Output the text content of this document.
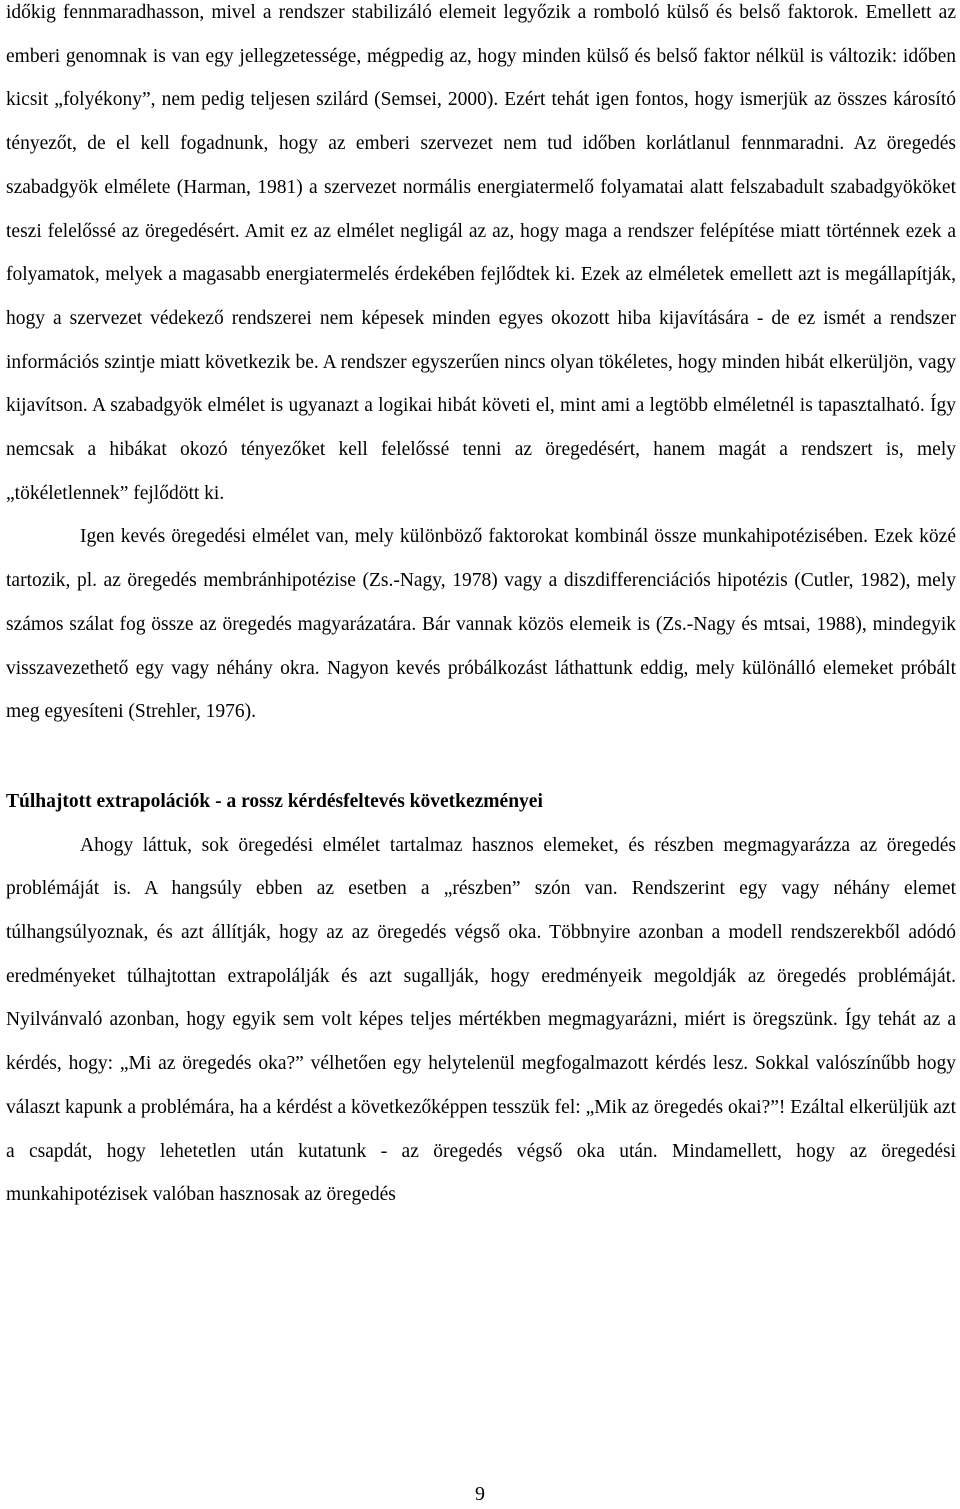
időkig fennmaradhasson, mivel a rendszer stabilizáló elemeit legyőzik a romboló külső és belső faktorok. Emellett az emberi genomnak is van egy jellegzetessége, mégpedig az, hogy minden külső és belső faktor nélkül is változik: időben kicsit „folyékony”, nem pedig teljesen szilárd (Semsei, 2000). Ezért tehát igen fontos, hogy ismerjük az összes károsító tényezőt, de el kell fogadnunk, hogy az emberi szervezet nem tud időben korlátlanul fennmaradni. Az öregedés szabadgyök elmélete (Harman, 1981) a szervezet normális energiatermelő folyamatai alatt felszabadult szabadgyököket teszi felelőssé az öregedésért. Amit ez az elmélet negligál az az, hogy maga a rendszer felépítése miatt történnek ezek a folyamatok, melyek a magasabb energiatermelés érdekében fejlődtek ki. Ezek az elméletek emellett azt is megállapítják, hogy a szervezet védekező rendszerei nem képesek minden egyes okozott hiba kijavítására - de ez ismét a rendszer információs szintje miatt következik be. A rendszer egyszerűen nincs olyan tökéletes, hogy minden hibát elkerüljön, vagy kijavítson. A szabadgyök elmélet is ugyanazt a logikai hibát követi el, mint ami a legtöbb elméletnél is tapasztalható. Így nemcsak a hibákat okozó tényezőket kell felelőssé tenni az öregedésért, hanem magát a rendszert is, mely „tökéletlennek” fejlődött ki.

Igen kevés öregedési elmélet van, mely különböző faktorokat kombinál össze munkahipotézisében. Ezek közé tartozik, pl. az öregedés membránhipotézise (Zs.-Nagy, 1978) vagy a diszdifferenciációs hipotézis (Cutler, 1982), mely számos szálat fog össze az öregedés magyarázatára. Bár vannak közös elemeik is (Zs.-Nagy és mtsai, 1988), mindegyik visszavezethető egy vagy néhány okra. Nagyon kevés próbálkozást láthattunk eddig, mely különálló elemeket próbált meg egyesíteni (Strehler, 1976).

Túlhajtott extrapolációk - a rossz kérdésfeltevés következményei

Ahogy láttuk, sok öregedési elmélet tartalmaz hasznos elemeket, és részben megmagyarázza az öregedés problémáját is. A hangsúly ebben az esetben a „részben” szón van. Rendszerint egy vagy néhány elemet túlhangsúlyoznak, és azt állítják, hogy az az öregedés végső oka. Többnyire azonban a modell rendszerekből adódó eredményeket túlhajtottan extrapolálják és azt sugallják, hogy eredményeik megoldják az öregedés problémáját. Nyilvánvaló azonban, hogy egyik sem volt képes teljes mértékben megmagyarázni, miért is öregszünk. Így tehát az a kérdés, hogy: „Mi az öregedés oka?” vélhetően egy helytelenül megfogalmazott kérdés lesz. Sokkal valószínűbb hogy választ kapunk a problémára, ha a kérdést a következőképpen tesszük fel: „Mik az öregedés okai?”! Ezáltal elkerüljük azt a csapdát, hogy lehetetlen után kutatunk - az öregedés végső oka után. Mindamellett, hogy az öregedési munkahipotézisek valóban hasznosak az öregedés

9
